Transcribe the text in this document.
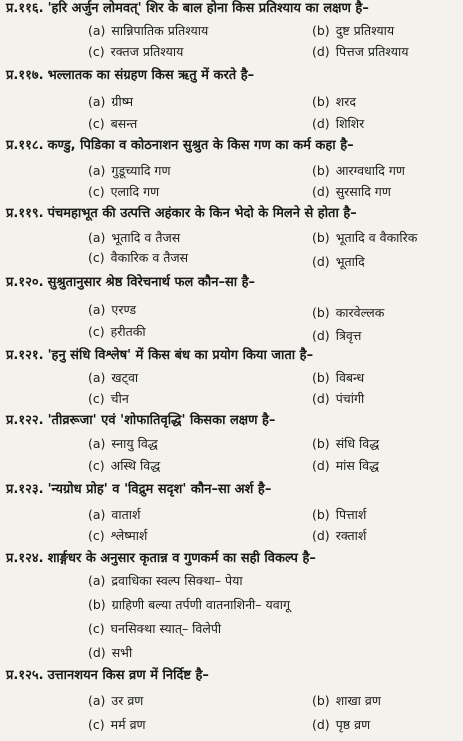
प्र.११६. 'हरि अर्जुन लोमवत्' शिर के बाल होना किस प्रतिश्याय का लक्षण है–
(a) सान्निपातिक प्रतिश्याय	(b) दुष्ट प्रतिश्याय
(c) रक्तज प्रतिश्याय	(d) पित्तज प्रतिश्याय
प्र.११७. भल्लातक का संग्रहण किस ऋतु में करते है–
(a) ग्रीष्म	(b) शरद
(c) बसन्त	(d) शिशिर
प्र.११८. कण्डु, पिडिका व कोठनाशन सुश्रुत के किस गण का कर्म कहा है–
(a) गुडूच्यादि गण	(b) आरग्वधादि गण
(c) एलादि गण	(d) सुरसादि गण
प्र.११९. पंचमहाभूत की उत्पत्ति अहंकार के किन भेदो के मिलने से होता है–
(a) भूतादि व तैजस	(b) भूतादि व वैकारिक
(c) वैकारिक व तैजस	(d) भूतादि
प्र.१२०. सुश्रुतानुसार श्रेष्ठ विरेचनार्थ फल कौन–सा है–
(a) एरण्ड	(b) कारवेल्लक
(c) हरीतकी	(d) त्रिवृत्त
प्र.१२१. 'हनु संधि विश्लेष' में किस बंध का प्रयोग किया जाता है–
(a) खट्‌वा	(b) विबन्ध
(c) चीन	(d) पंचांगी
प्र.१२२. 'तीव्ररूजा' एवं 'शोफातिवृद्धि' किसका लक्षण है–
(a) स्नायु विद्ध	(b) संधि विद्ध
(c) अस्थि विद्ध	(d) मांस विद्ध
प्र.१२३. 'न्यग्रोध प्रोह' व 'विद्रुम सदृश' कौन–सा अर्श है–
(a) वातार्श	(b) पित्तार्श
(c) श्लेष्मार्श	(d) रक्तार्श
प्र.१२४. शार्ङ्गधर के अनुसार कृतान्न व गुणकर्म का सही विकल्प है–
(a) द्रवाधिका स्वल्प सिक्था– पेया
(b) ग्राहिणी बल्या तर्पणी वातनाशिनी– यवागू
(c) घनसिक्था स्यात्– विलेपी
(d) सभी
प्र.१२५. उत्तानशयन किस व्रण में निर्दिष्ट है–
(a) उर व्रण	(b) शाखा व्रण
(c) मर्म व्रण	(d) पृष्ठ व्रण
